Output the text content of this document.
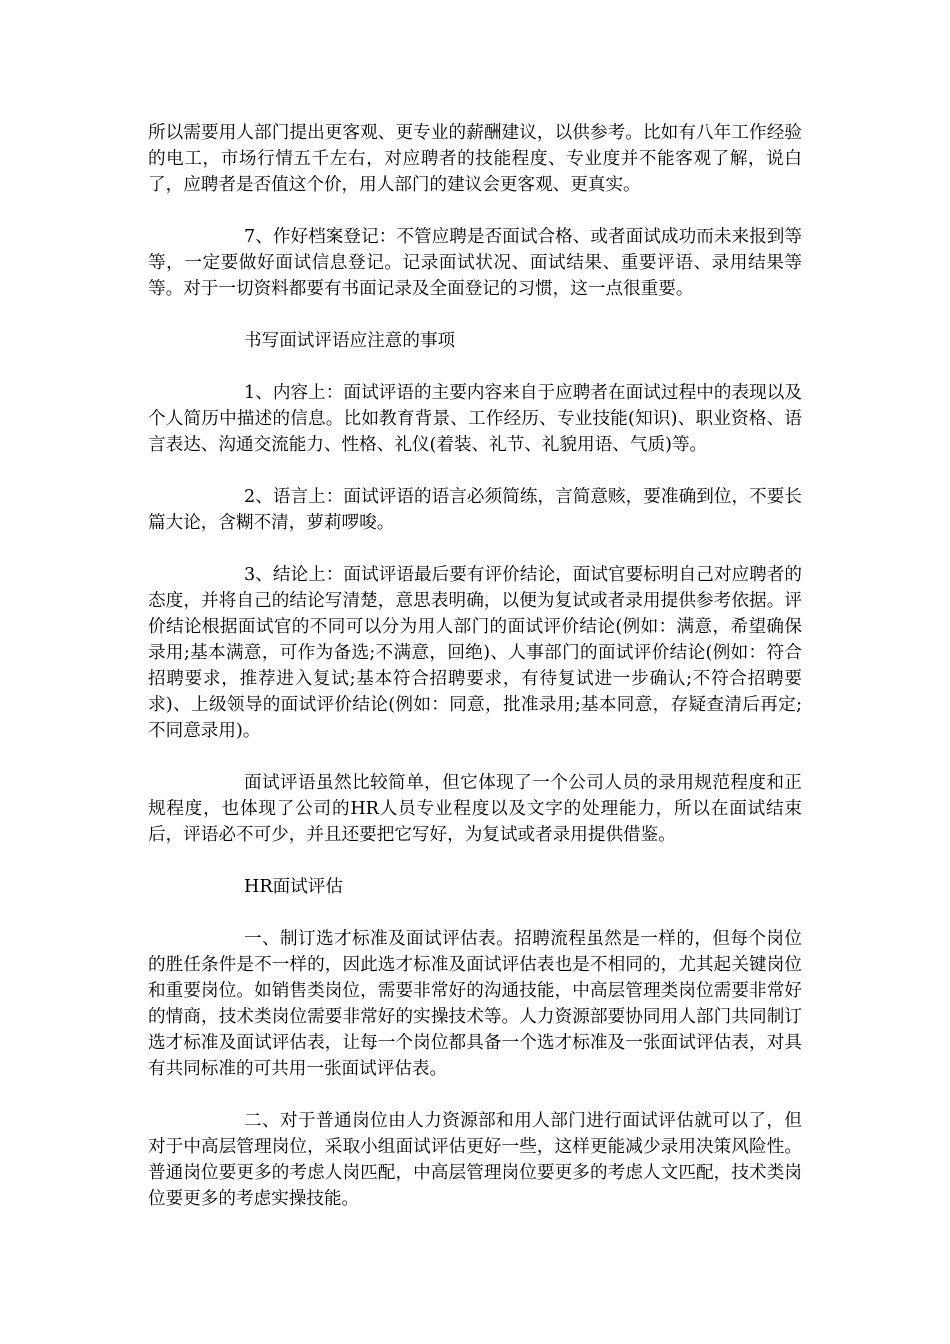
所以需要用人部门提出更客观、更专业的薪酬建议，以供参考。比如有八年工作经验的电工，市场行情五千左右，对应聘者的技能程度、专业度并不能客观了解，说白了，应聘者是否值这个价，用人部门的建议会更客观、更真实。

7、作好档案登记：不管应聘是否面试合格、或者面试成功而未来报到等等，一定要做好面试信息登记。记录面试状况、面试结果、重要评语、录用结果等等。对于一切资料都要有书面记录及全面登记的习惯，这一点很重要。

书写面试评语应注意的事项

1、内容上：面试评语的主要内容来自于应聘者在面试过程中的表现以及个人简历中描述的信息。比如教育背景、工作经历、专业技能(知识)、职业资格、语言表达、沟通交流能力、性格、礼仪(着装、礼节、礼貌用语、气质)等。

2、语言上：面试评语的语言必须简练，言简意赅，要准确到位，不要长篇大论，含糊不清，萝莉啰唆。

3、结论上：面试评语最后要有评价结论，面试官要标明自己对应聘者的态度，并将自己的结论写清楚，意思表明确，以便为复试或者录用提供参考依据。评价结论根据面试官的不同可以分为用人部门的面试评价结论(例如：满意，希望确保录用;基本满意，可作为备选;不满意，回绝)、人事部门的面试评价结论(例如：符合招聘要求，推荐进入复试;基本符合招聘要求，有待复试进一步确认;不符合招聘要求)、上级领导的面试评价结论(例如：同意，批准录用;基本同意，存疑查清后再定;不同意录用)。

面试评语虽然比较简单，但它体现了一个公司人员的录用规范程度和正规程度，也体现了公司的HR人员专业程度以及文字的处理能力，所以在面试结束后，评语必不可少，并且还要把它写好，为复试或者录用提供借鉴。

HR面试评估

一、制订选才标准及面试评估表。招聘流程虽然是一样的，但每个岗位的胜任条件是不一样的，因此选才标准及面试评估表也是不相同的，尤其起关键岗位和重要岗位。如销售类岗位，需要非常好的沟通技能，中高层管理类岗位需要非常好的情商，技术类岗位需要非常好的实操技术等。人力资源部要协同用人部门共同制订选才标准及面试评估表，让每一个岗位都具备一个选才标准及一张面试评估表，对具有共同标准的可共用一张面试评估表。

二、对于普通岗位由人力资源部和用人部门进行面试评估就可以了，但对于中高层管理岗位，采取小组面试评估更好一些，这样更能减少录用决策风险性。普通岗位要更多的考虑人岗匹配，中高层管理岗位要更多的考虑人文匹配，技术类岗位要更多的考虑实操技能。
